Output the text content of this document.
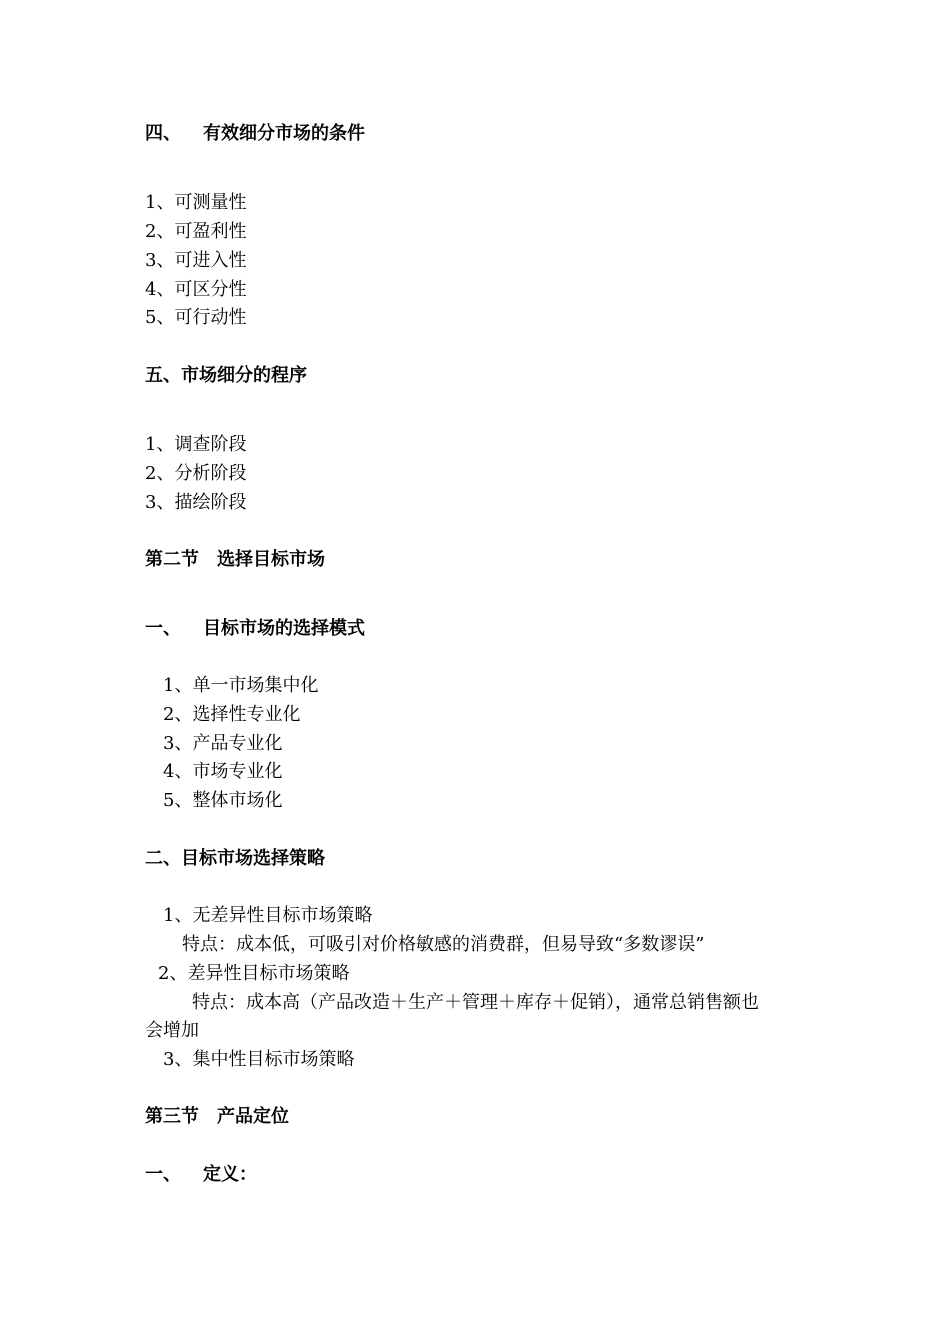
四、 有效细分市场的条件
1、可测量性
2、可盈利性
3、可进入性
4、可区分性
5、可行动性
五、市场细分的程序
1、调查阶段
2、分析阶段
3、描绘阶段
第二节 选择目标市场
一、 目标市场的选择模式
1、单一市场集中化
2、选择性专业化
3、产品专业化
4、市场专业化
5、整体市场化
二、目标市场选择策略
1、无差异性目标市场策略
特点：成本低，可吸引对价格敏感的消费群，但易导致“多数谬误”
2、差异性目标市场策略
特点：成本高（产品改造＋生产＋管理＋库存＋促销），通常总销售额也
会增加
3、集中性目标市场策略
第三节 产品定位
一、 定义：
